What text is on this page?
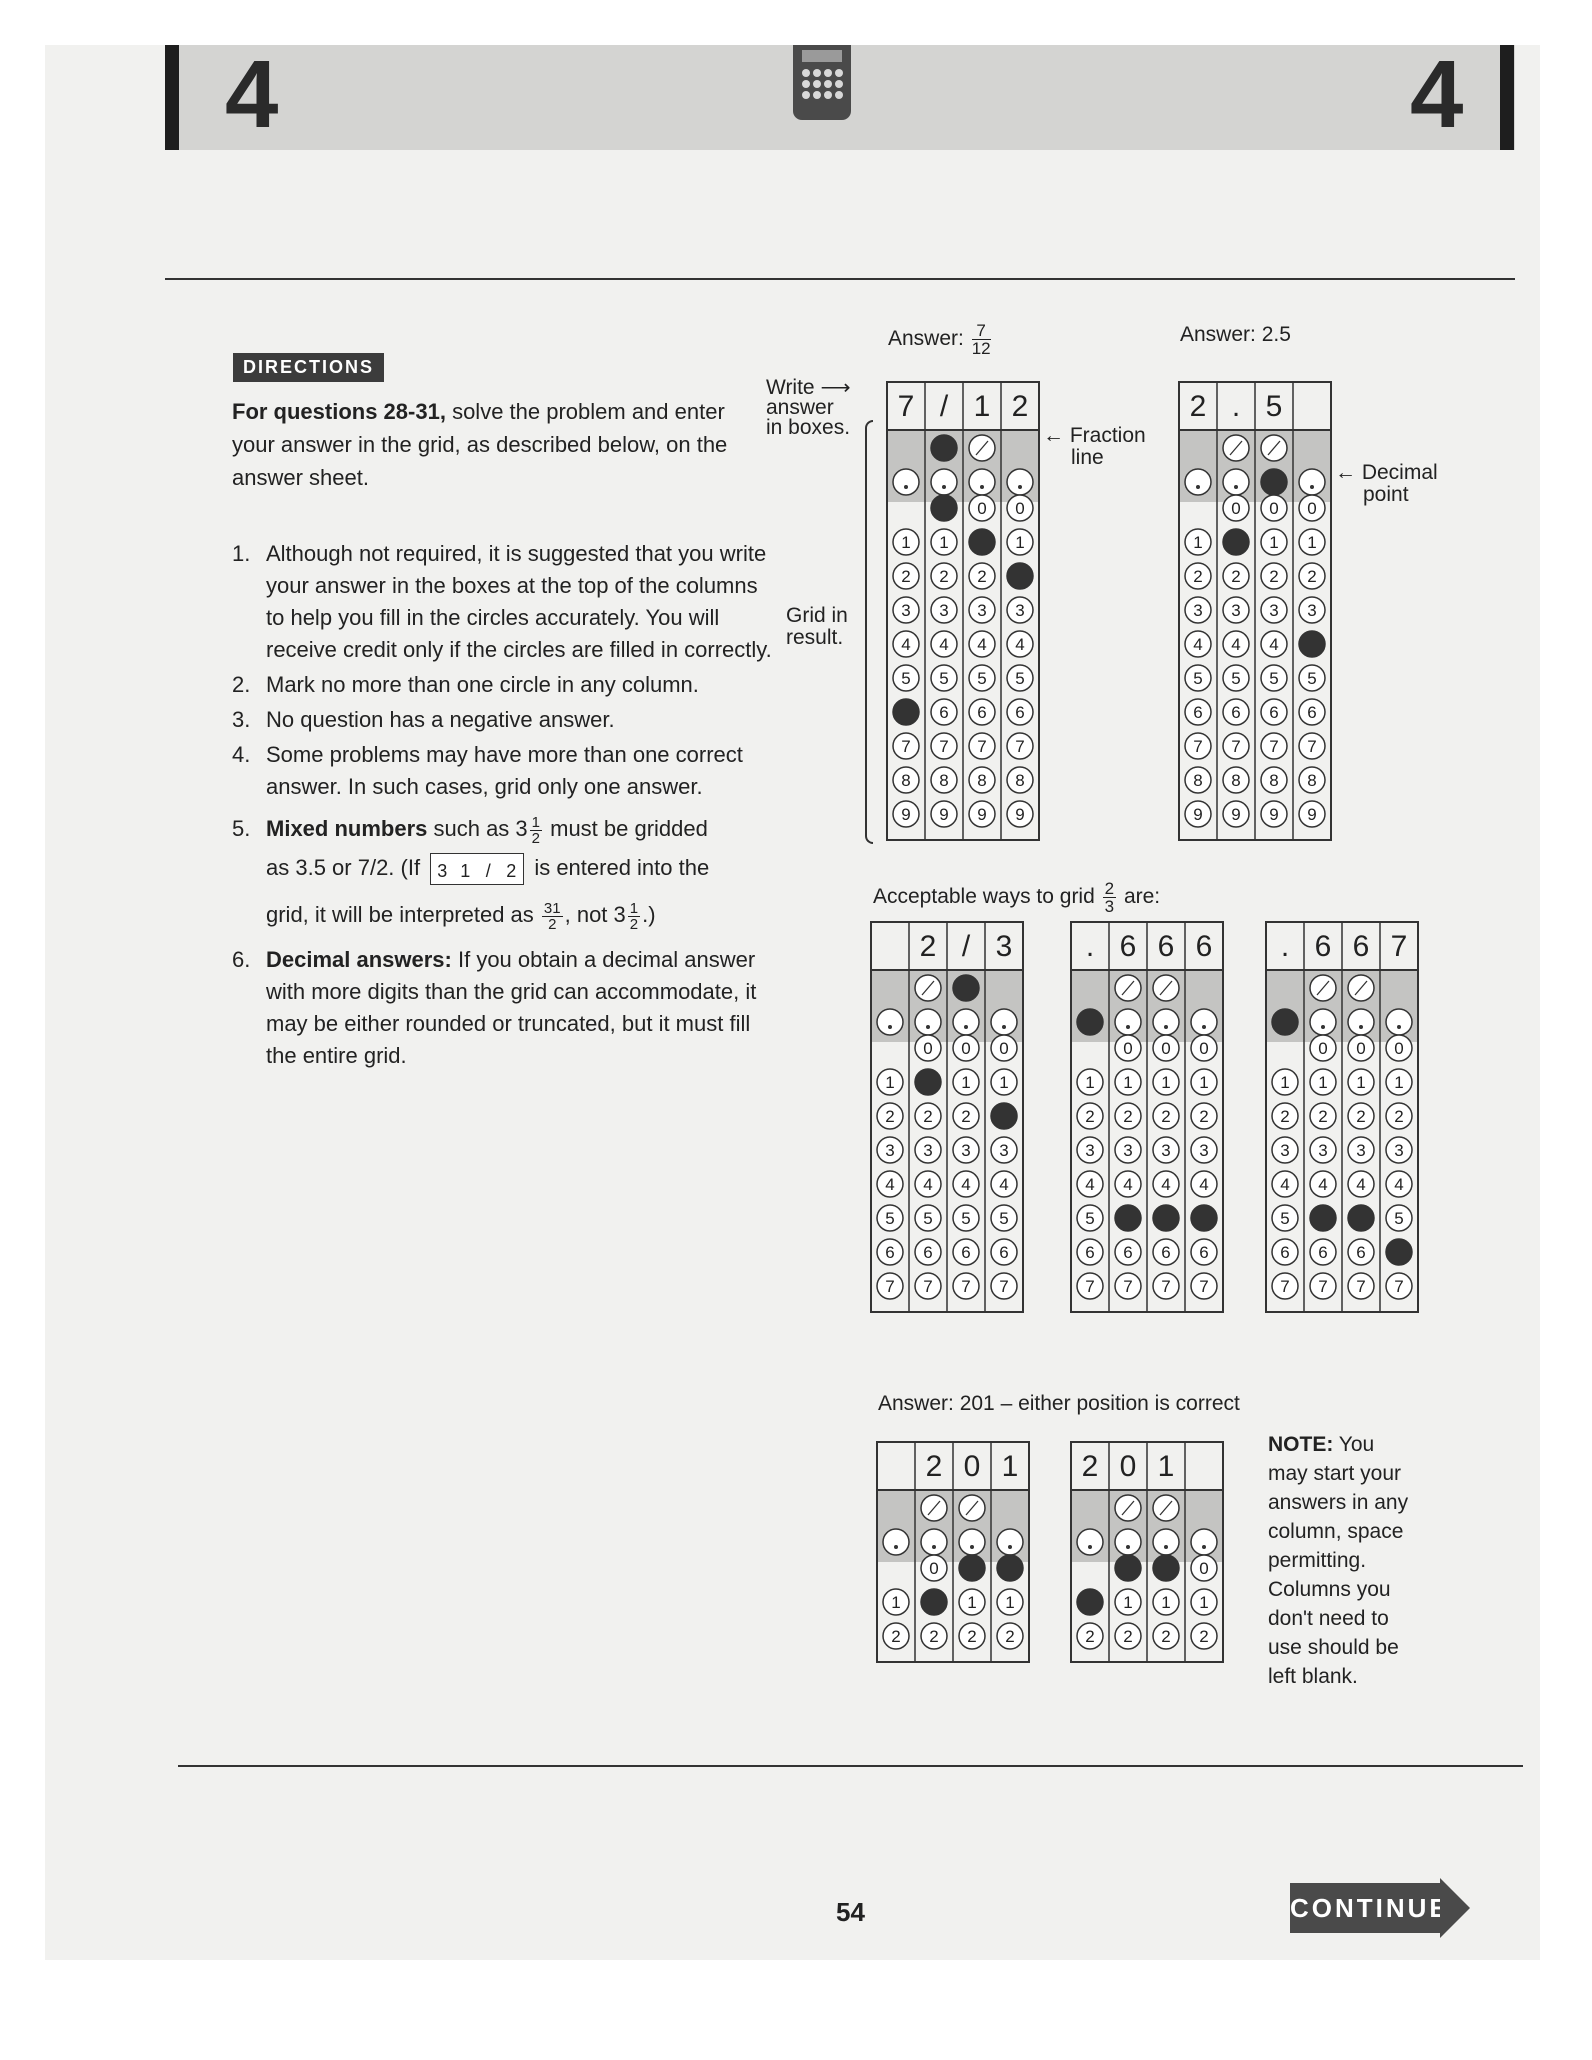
4	4
DIRECTIONS
For questions 28-31, solve the problem and enter your answer in the grid, as described below, on the answer sheet.
1. Although not required, it is suggested that you write your answer in the boxes at the top of the columns to help you fill in the circles accurately. You will receive credit only if the circles are filled in correctly.
2. Mark no more than one circle in any column.
3. No question has a negative answer.
4. Some problems may have more than one correct answer. In such cases, grid only one answer.
5. Mixed numbers such as $3 \frac{1}{2}$ must be gridded
as 3.5 or 7/2. (If 3 1 / 2 is entered into the
grid, it will be interpreted as $\frac{31}{2}$ , not $3 \frac{1}{2}$ .)
6. Decimal answers: If you obtain a decimal answer with more digits than the grid can accommodate, it may be either rounded or truncated, but it must fill the entire grid.
Answer: $\frac{7}{12}$	Answer: 2.5
Write ⟶
answer
in boxes.	← Fraction
line
← Decimal
point
Grid in
result.
Acceptable ways to grid $\frac{2}{3}$ are:
Answer: 201 – either position is correct
NOTE: You
may start your
answers in any
column, space
permitting.
Columns you
don't need to
use should be
left blank.
7
1
2
3
4
5
7
8
9
/
1
2
3
4
5
6
7
8
9
1
0
2
3
4
5
6
7
8
9
2
0
1
3
4
5
6
7
8
9
2
1
2
3
4
5
6
7
8
9
.
0
2
3
4
5
6
7
8
9
5
0
1
2
3
4
5
6
7
8
9
0
1
2
3
5
6
7
8
9
1
2
3
4
5
6
7
2
0
2
3
4
5
6
7
/
0
1
2
3
4
5
6
7
3
0
1
3
4
5
6
7
.
1
2
3
4
5
6
7
6
0
1
2
3
4
6
7
6
0
1
2
3
4
6
7
6
0
1
2
3
4
6
7
.
1
2
3
4
5
6
7
6
0
1
2
3
4
6
7
6
0
1
2
3
4
6
7
7
0
1
2
3
4
5
7
1
2
2
0
2
0
1
2
1
1
2
2
2
0
1
2
1
1
2
0
1
2
54	CONTINUE
